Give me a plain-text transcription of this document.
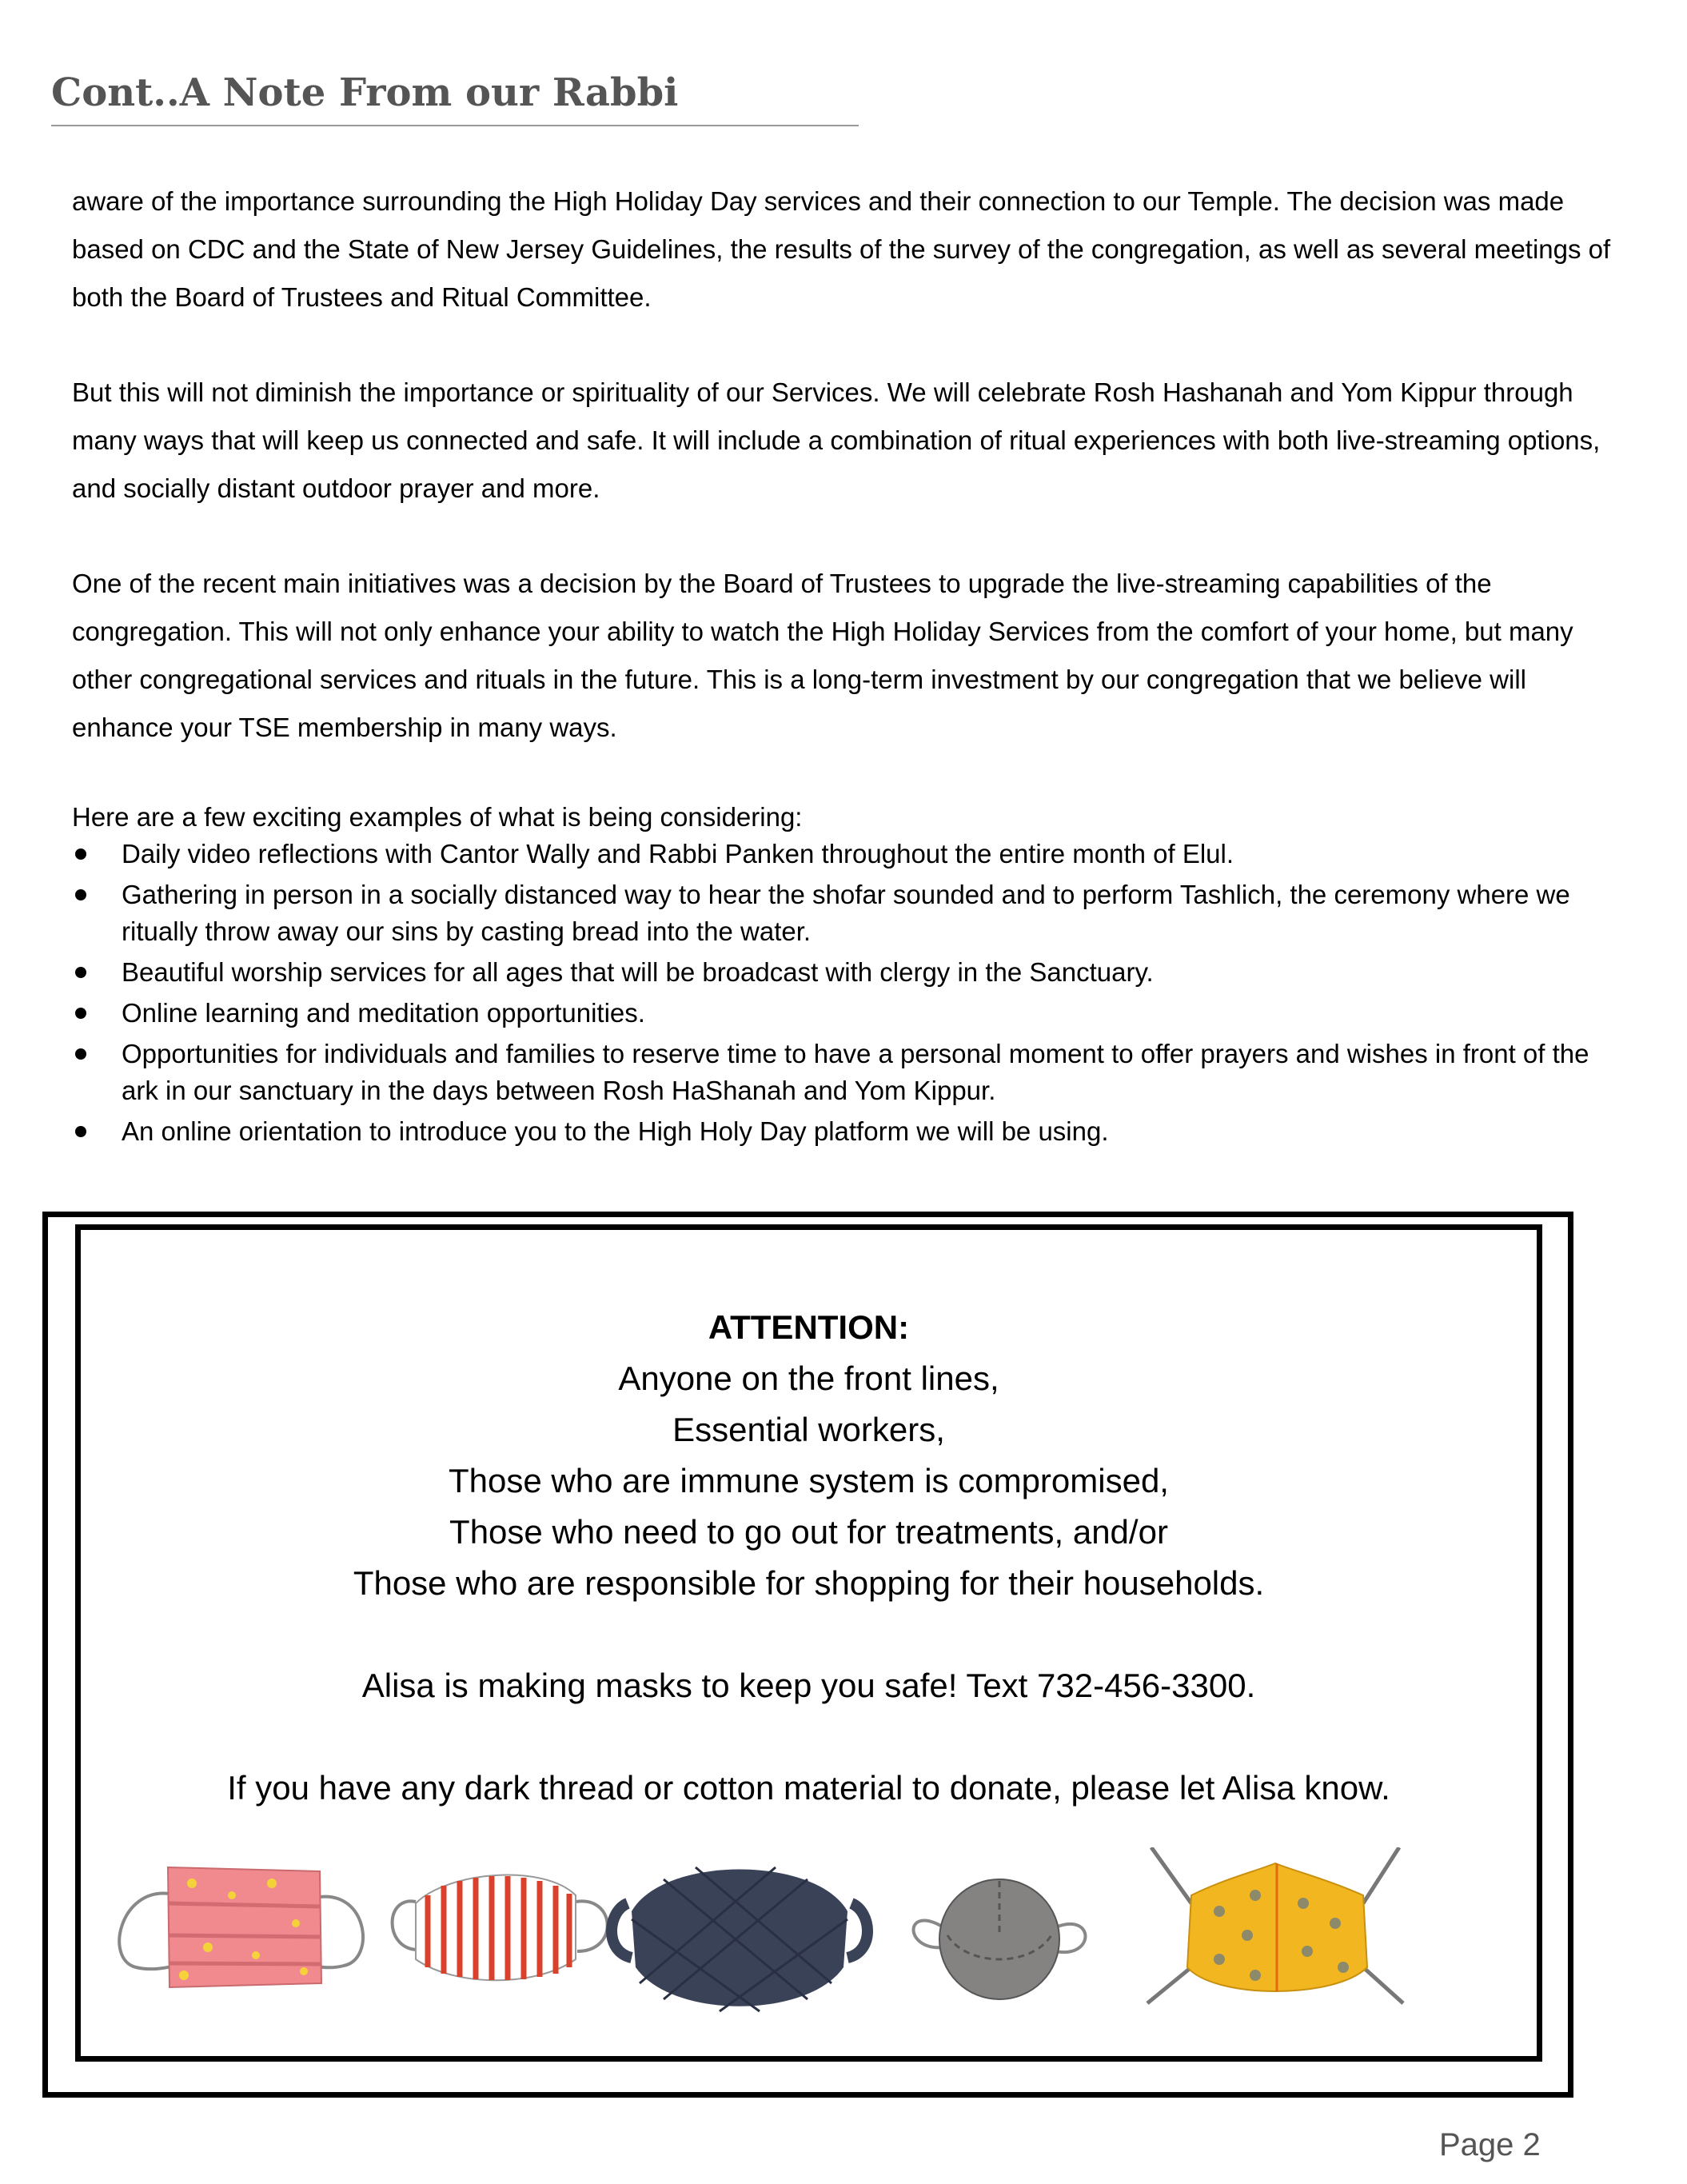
Cont..A Note From our Rabbi

aware of the importance surrounding the High Holiday Day services and their connection to our Temple. The decision was made based on CDC and the State of New Jersey Guidelines, the results of the survey of the congregation, as well as several meetings of both the Board of Trustees and Ritual Committee.

But this will not diminish the importance or spirituality of our Services. We will celebrate Rosh Hashanah and Yom Kippur through many ways that will keep us connected and safe. It will include a combination of ritual experiences with both live-streaming options, and socially distant outdoor prayer and more.

One of the recent main initiatives was a decision by the Board of Trustees to upgrade the live-streaming capabilities of the congregation. This will not only enhance your ability to watch the High Holiday Services from the comfort of your home, but many other congregational services and rituals in the future. This is a long-term investment by our congregation that we believe will enhance your TSE membership in many ways.

Here are a few exciting examples of what is being considering:
Daily video reflections with Cantor Wally and Rabbi Panken throughout the entire month of Elul.
Gathering in person in a socially distanced way to hear the shofar sounded and to perform Tashlich, the ceremony where we ritually throw away our sins by casting bread into the water.
Beautiful worship services for all ages that will be broadcast with clergy in the Sanctuary.
Online learning and meditation opportunities.
Opportunities for individuals and families to reserve time to have a personal moment to offer prayers and wishes in front of the ark in our sanctuary in the days between Rosh HaShanah and Yom Kippur.
An online orientation to introduce you to the High Holy Day platform we will be using.
ATTENTION:
Anyone on the front lines,
Essential workers,
Those who are immune system is compromised,
Those who need to go out for treatments, and/or
Those who are responsible for shopping for their households.
Alisa is making masks to keep you safe! Text 732-456-3300.
If you have any dark thread or cotton material to donate, please let Alisa know.
Page 2
